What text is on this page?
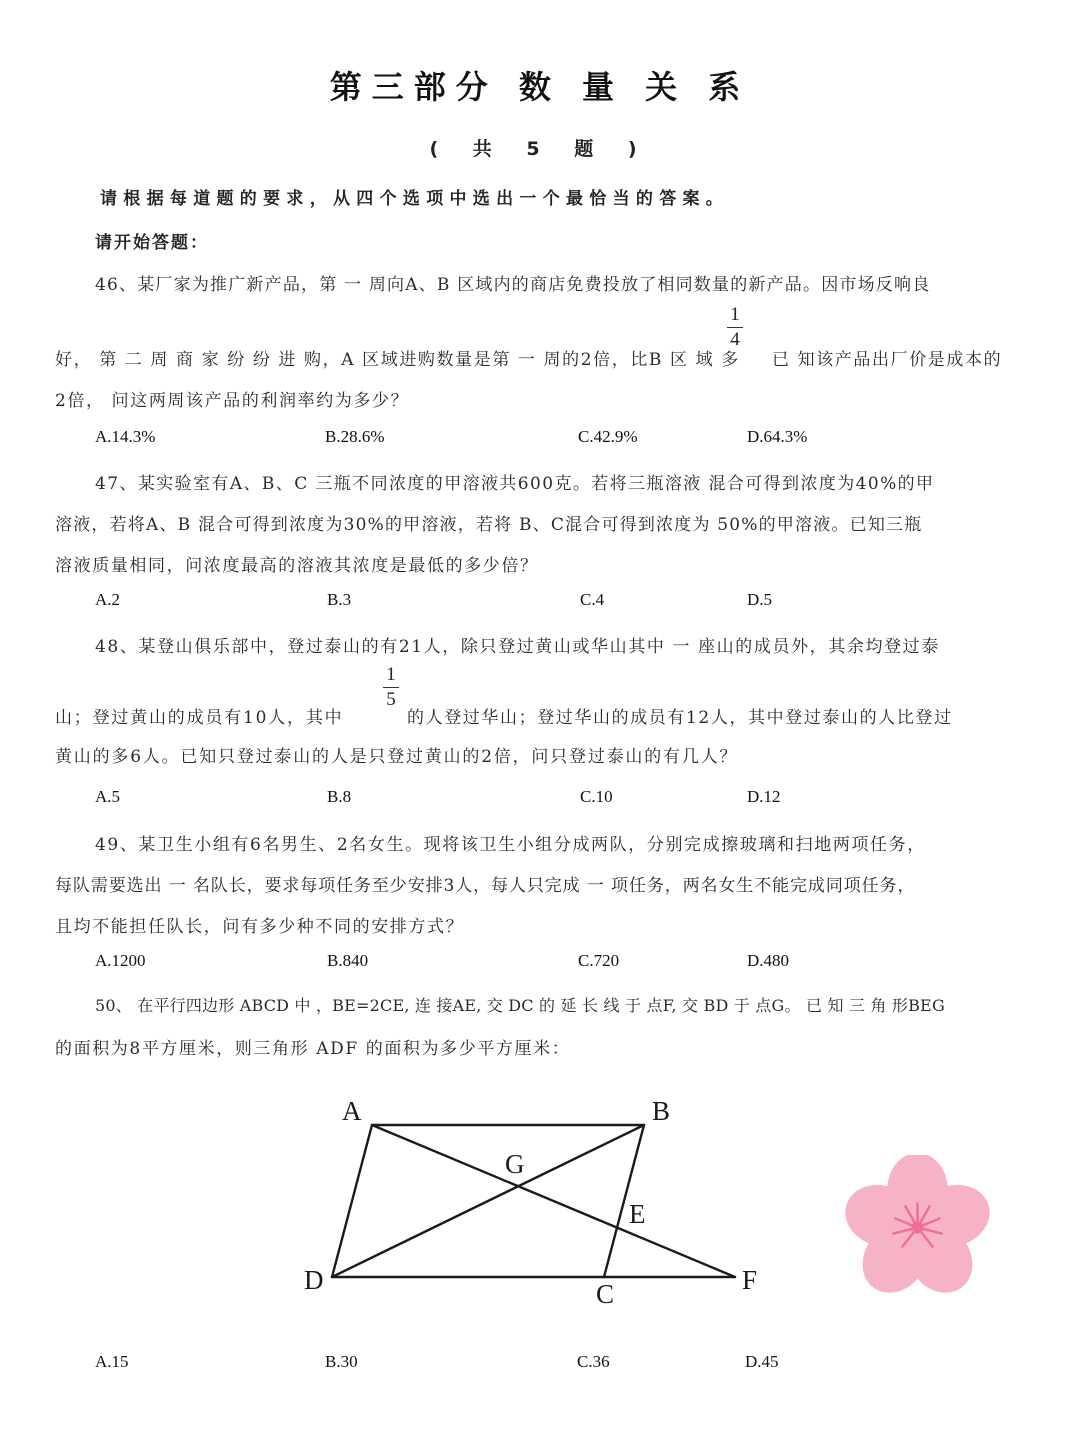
第三部分 数 量 关 系
( 共 5 题 )
请根据每道题的要求，从四个选项中选出一个最恰当的答案。
请开始答题：
46、某厂家为推广新产品，第 一 周向A、B 区域内的商店免费投放了相同数量的新产品。因市场反响良
好， 第 二 周 商 家 纷 纷 进 购，A 区域进购数量是第 一 周的2倍，比B 区 域 多
1
4
已 知该产品出厂价是成本的
2倍， 问这两周该产品的利润率约为多少？
A.14.3%	B.28.6%	C.42.9%	D.64.3%
47、某实验室有A、B、C 三瓶不同浓度的甲溶液共600克。若将三瓶溶液 混合可得到浓度为40%的甲
溶液，若将A、B 混合可得到浓度为30%的甲溶液，若将 B、C混合可得到浓度为 50%的甲溶液。已知三瓶
溶液质量相同，问浓度最高的溶液其浓度是最低的多少倍？
A.2	B.3	C.4	D.5
48、某登山俱乐部中，登过泰山的有21人，除只登过黄山或华山其中 一 座山的成员外，其余均登过泰
山；登过黄山的成员有10人，其中
1
5
的人登过华山；登过华山的成员有12人，其中登过泰山的人比登过
黄山的多6人。已知只登过泰山的人是只登过黄山的2倍，问只登过泰山的有几人？
A.5	B.8	C.10	D.12
49、某卫生小组有6名男生、2名女生。现将该卫生小组分成两队，分别完成擦玻璃和扫地两项任务，
每队需要选出 一 名队长，要求每项任务至少安排3人，每人只完成 一 项任务，两名女生不能完成同项任务，
且均不能担任队长，问有多少种不同的安排方式？
A.1200	B.840	C.720	D.480
50、 在平行四边形 ABCD 中 ，BE=2CE, 连 接AE, 交 DC 的 延 长 线 于 点F, 交 BD 于 点G。 已 知 三 角 形BEG
的面积为8平方厘米，则三角形 ADF 的面积为多少平方厘米：
A	B
C
D
E
F
G
A.15	B.30	C.36	D.45
